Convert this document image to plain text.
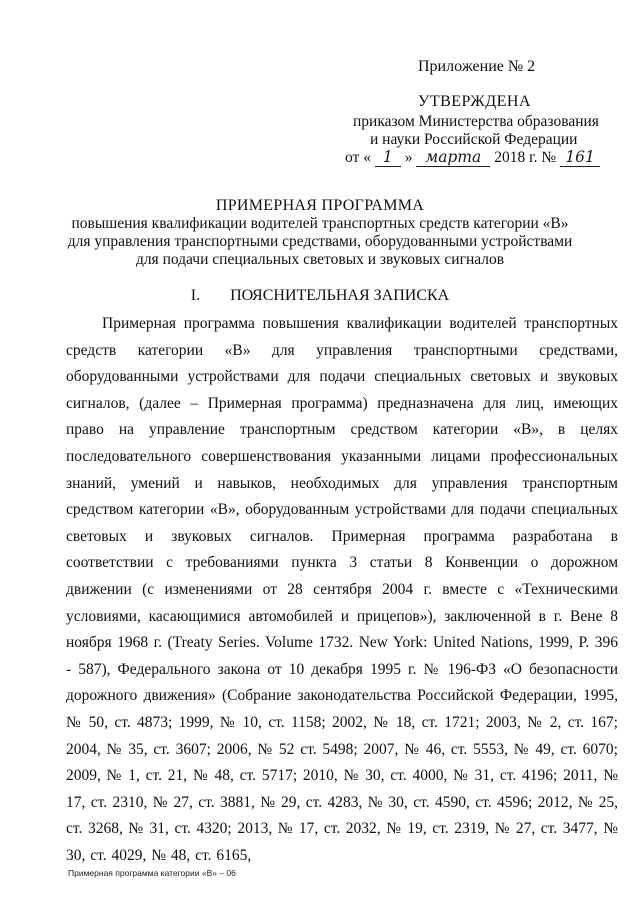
Приложение № 2
УТВЕРЖДЕНА
приказом Министерства образования
и науки Российской Федерации
от « 1 » марта 2018 г. № 161
ПРИМЕРНАЯ ПРОГРАММА
повышения квалификации водителей транспортных средств категории «В»
для управления транспортными средствами, оборудованными устройствами
для подачи специальных световых и звуковых сигналов
I. ПОЯСНИТЕЛЬНАЯ ЗАПИСКА
Примерная программа повышения квалификации водителей транспортных средств категории «В» для управления транспортными средствами, оборудованными устройствами для подачи специальных световых и звуковых сигналов, (далее – Примерная программа) предназначена для лиц, имеющих право на управление транспортным средством категории «В», в целях последовательного совершенствования указанными лицами профессиональных знаний, умений и навыков, необходимых для управления транспортным средством категории «В», оборудованным устройствами для подачи специальных световых и звуковых сигналов. Примерная программа разработана в соответствии с требованиями пункта 3 статьи 8 Конвенции о дорожном движении (с изменениями от 28 сентября 2004 г. вместе с «Техническими условиями, касающимися автомобилей и прицепов»), заключенной в г. Вене 8 ноября 1968 г. (Treaty Series. Volume 1732. New York: United Nations, 1999, P. 396 - 587), Федерального закона от 10 декабря 1995 г. № 196-ФЗ «О безопасности дорожного движения» (Собрание законодательства Российской Федерации, 1995, № 50, ст. 4873; 1999, № 10, ст. 1158; 2002, № 18, ст. 1721; 2003, № 2, ст. 167; 2004, № 35, ст. 3607; 2006, № 52 ст. 5498; 2007, № 46, ст. 5553, № 49, ст. 6070; 2009, № 1, ст. 21, № 48, ст. 5717; 2010, № 30, ст. 4000, № 31, ст. 4196; 2011, № 17, ст. 2310, № 27, ст. 3881, № 29, ст. 4283, № 30, ст. 4590, ст. 4596; 2012, № 25, ст. 3268, № 31, ст. 4320; 2013, № 17, ст. 2032, № 19, ст. 2319, № 27, ст. 3477, № 30, ст. 4029, № 48, ст. 6165,
Примерная программа категории «В» – 06
